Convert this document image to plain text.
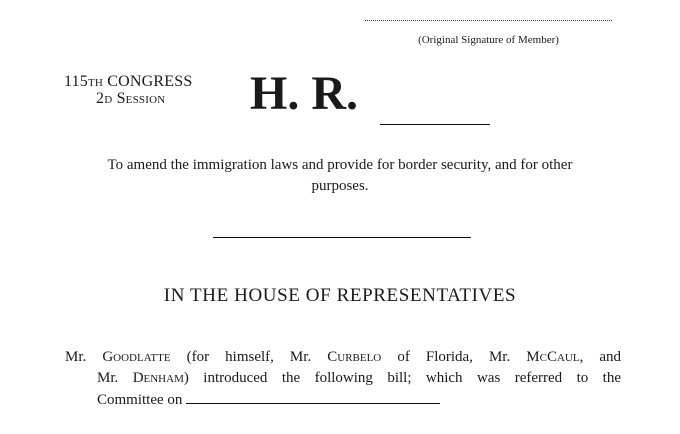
(Original Signature of Member)
115th CONGRESS
2d Session	H. R.
To amend the immigration laws and provide for border security, and for other purposes.
IN THE HOUSE OF REPRESENTATIVES
Mr. Goodlatte (for himself, Mr. Curbelo of Florida, Mr. McCaul, and
Mr. Denham) introduced the following bill; which was referred to the
Committee on
